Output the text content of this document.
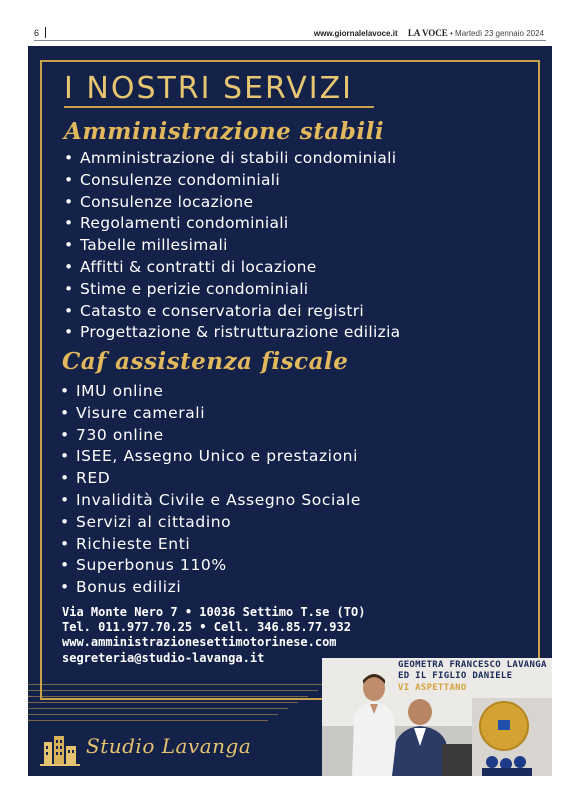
6	www.giornalelavoce.it LA VOCE • Martedì 23 gennaio 2024
I NOSTRI SERVIZI
Amministrazione stabili
• Amministrazione di stabili condominiali
• Consulenze condominiali
• Consulenze locazione
• Regolamenti condominiali
• Tabelle millesimali
• Affitti & contratti di locazione
• Stime e perizie condominiali
• Catasto e conservatoria dei registri
• Progettazione & ristrutturazione edilizia
Caf assistenza fiscale
• IMU online
• Visure camerali
• 730 online
• ISEE, Assegno Unico e prestazioni
• RED
• Invalidità Civile e Assegno Sociale
• Servizi al cittadino
• Richieste Enti
• Superbonus 110%
• Bonus edilizi
Via Monte Nero 7 • 10036 Settimo T.se (TO)
Tel. 011.977.70.25 • Cell. 346.85.77.932
www.amministrazionesettimotorinese.com
segreteria@studio-lavanga.it
Studio Lavanga
GEOMETRA FRANCESCO LAVANGA
ED IL FIGLIO DANIELE
VI ASPETTANO
